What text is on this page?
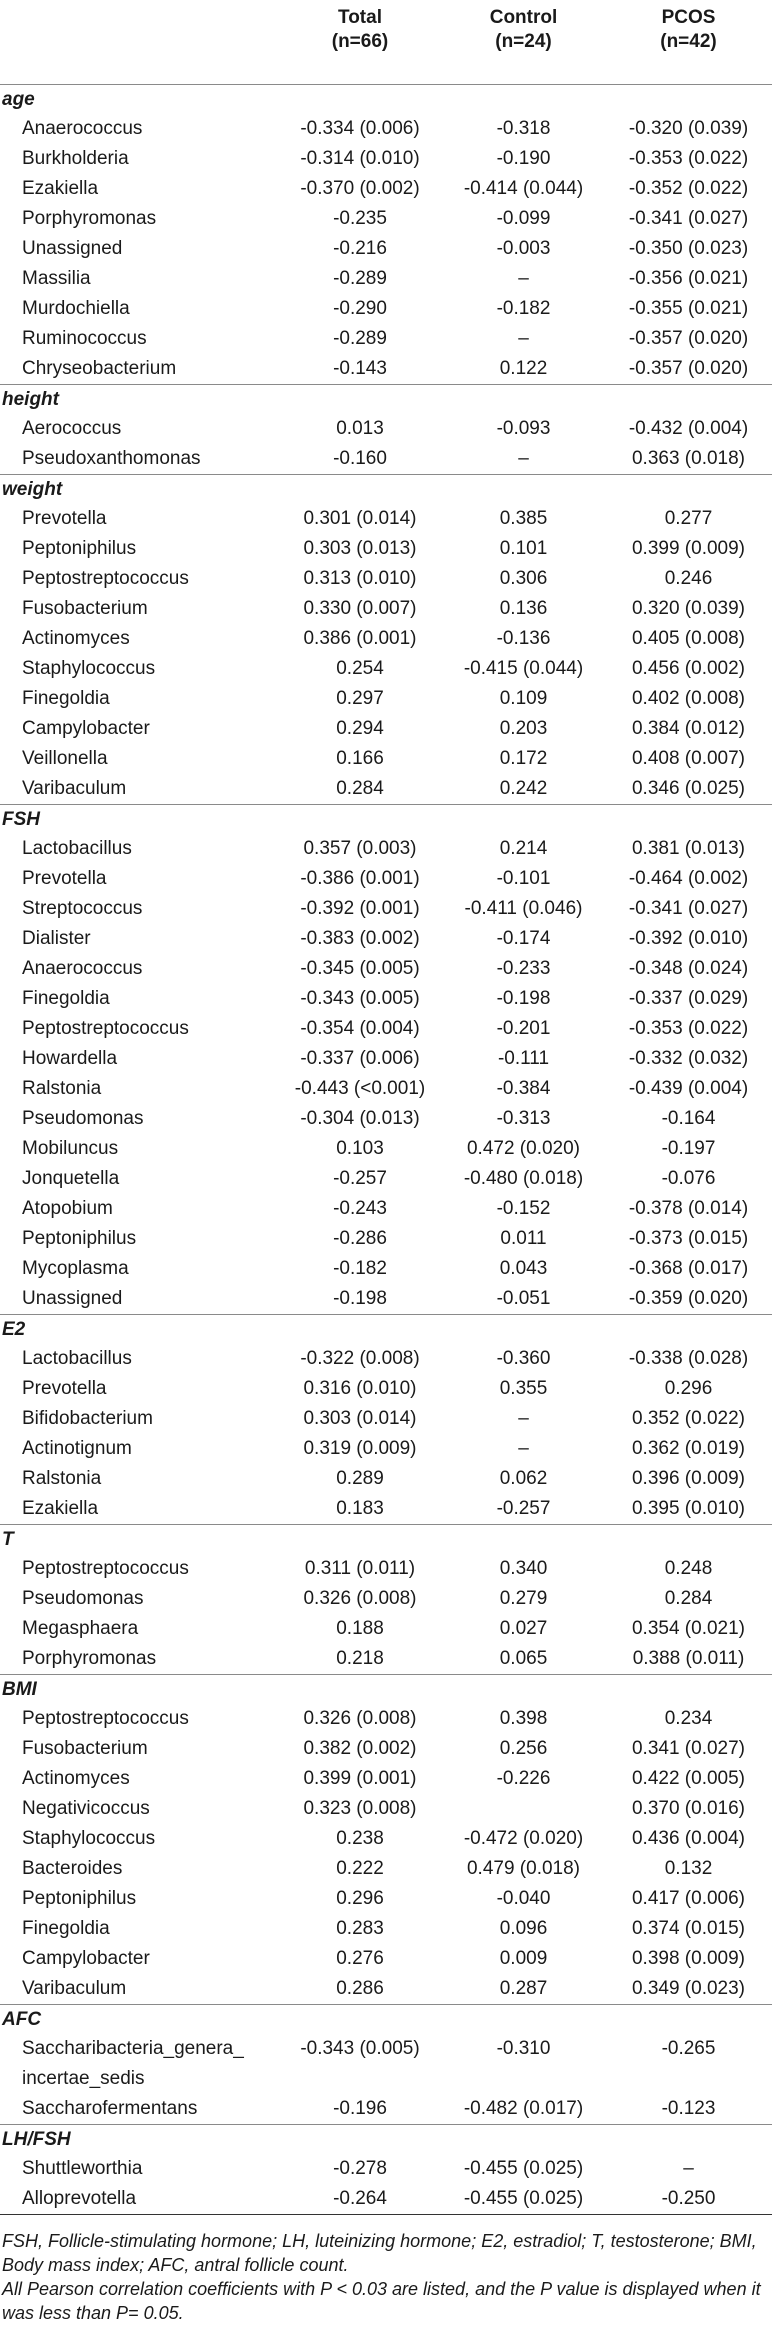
	Total
(n=66)	Control
(n=24)	PCOS
(n=42)

age			
Anaerococcus	-0.334 (0.006)	-0.318	-0.320 (0.039)
Burkholderia	-0.314 (0.010)	-0.190	-0.353 (0.022)
Ezakiella	-0.370 (0.002)	-0.414 (0.044)	-0.352 (0.022)
Porphyromonas	-0.235	-0.099	-0.341 (0.027)
Unassigned	-0.216	-0.003	-0.350 (0.023)
Massilia	-0.289	–	-0.356 (0.021)
Murdochiella	-0.290	-0.182	-0.355 (0.021)
Ruminococcus	-0.289	–	-0.357 (0.020)
Chryseobacterium	-0.143	0.122	-0.357 (0.020)
height			
Aerococcus	0.013	-0.093	-0.432 (0.004)
Pseudoxanthomonas	-0.160	–	0.363 (0.018)
weight			
Prevotella	0.301 (0.014)	0.385	0.277
Peptoniphilus	0.303 (0.013)	0.101	0.399 (0.009)
Peptostreptococcus	0.313 (0.010)	0.306	0.246
Fusobacterium	0.330 (0.007)	0.136	0.320 (0.039)
Actinomyces	0.386 (0.001)	-0.136	0.405 (0.008)
Staphylococcus	0.254	-0.415 (0.044)	0.456 (0.002)
Finegoldia	0.297	0.109	0.402 (0.008)
Campylobacter	0.294	0.203	0.384 (0.012)
Veillonella	0.166	0.172	0.408 (0.007)
Varibaculum	0.284	0.242	0.346 (0.025)
FSH			
Lactobacillus	0.357 (0.003)	0.214	0.381 (0.013)
Prevotella	-0.386 (0.001)	-0.101	-0.464 (0.002)
Streptococcus	-0.392 (0.001)	-0.411 (0.046)	-0.341 (0.027)
Dialister	-0.383 (0.002)	-0.174	-0.392 (0.010)
Anaerococcus	-0.345 (0.005)	-0.233	-0.348 (0.024)
Finegoldia	-0.343 (0.005)	-0.198	-0.337 (0.029)
Peptostreptococcus	-0.354 (0.004)	-0.201	-0.353 (0.022)
Howardella	-0.337 (0.006)	-0.111	-0.332 (0.032)
Ralstonia	-0.443 (<0.001)	-0.384	-0.439 (0.004)
Pseudomonas	-0.304 (0.013)	-0.313	-0.164
Mobiluncus	0.103	0.472 (0.020)	-0.197
Jonquetella	-0.257	-0.480 (0.018)	-0.076
Atopobium	-0.243	-0.152	-0.378 (0.014)
Peptoniphilus	-0.286	0.011	-0.373 (0.015)
Mycoplasma	-0.182	0.043	-0.368 (0.017)
Unassigned	-0.198	-0.051	-0.359 (0.020)
E2			
Lactobacillus	-0.322 (0.008)	-0.360	-0.338 (0.028)
Prevotella	0.316 (0.010)	0.355	0.296
Bifidobacterium	0.303 (0.014)	–	0.352 (0.022)
Actinotignum	0.319 (0.009)	–	0.362 (0.019)
Ralstonia	0.289	0.062	0.396 (0.009)
Ezakiella	0.183	-0.257	0.395 (0.010)
T			
Peptostreptococcus	0.311 (0.011)	0.340	0.248
Pseudomonas	0.326 (0.008)	0.279	0.284
Megasphaera	0.188	0.027	0.354 (0.021)
Porphyromonas	0.218	0.065	0.388 (0.011)
BMI			
Peptostreptococcus	0.326 (0.008)	0.398	0.234
Fusobacterium	0.382 (0.002)	0.256	0.341 (0.027)
Actinomyces	0.399 (0.001)	-0.226	0.422 (0.005)
Negativicoccus	0.323 (0.008)		0.370 (0.016)
Staphylococcus	0.238	-0.472 (0.020)	0.436 (0.004)
Bacteroides	0.222	0.479 (0.018)	0.132
Peptoniphilus	0.296	-0.040	0.417 (0.006)
Finegoldia	0.283	0.096	0.374 (0.015)
Campylobacter	0.276	0.009	0.398 (0.009)
Varibaculum	0.286	0.287	0.349 (0.023)
AFC			
Saccharibacteria_genera_ incertae_sedis	-0.343 (0.005)	-0.310	-0.265
Saccharofermentans	-0.196	-0.482 (0.017)	-0.123
LH/FSH			
Shuttleworthia	-0.278	-0.455 (0.025)	–
Alloprevotella	-0.264	-0.455 (0.025)	-0.250

FSH, Follicle-stimulating hormone; LH, luteinizing hormone; E2, estradiol; T, testosterone; BMI, Body mass index; AFC, antral follicle count.

All Pearson correlation coefficients with P < 0.03 are listed, and the P value is displayed when it was less than P= 0.05.
